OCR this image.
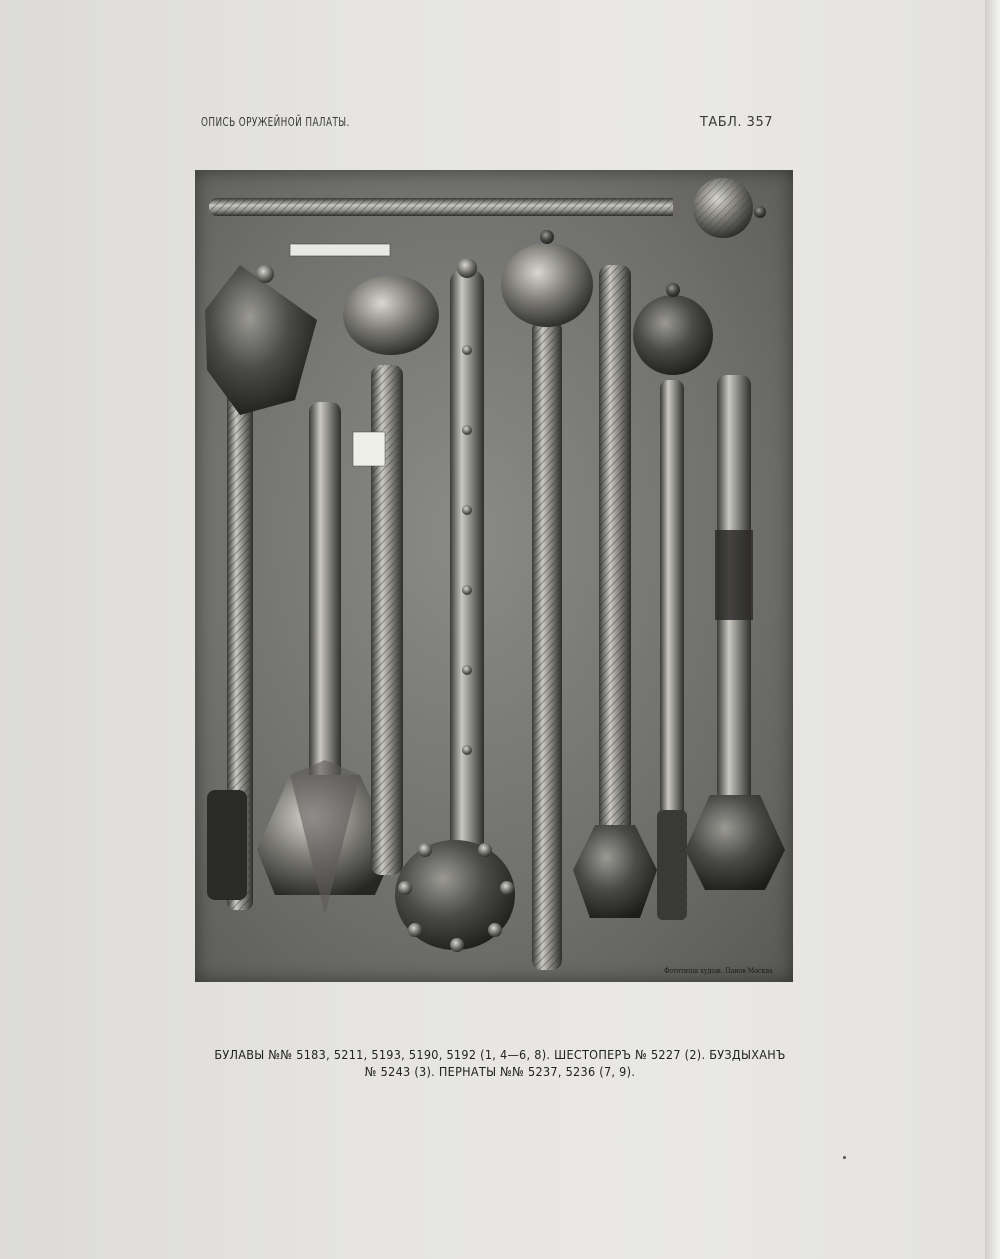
ОПИСЬ ОРУЖЕЙНОЙ ПАЛАТЫ.	ТАБЛ. 357
Фототипія худож. Панов Москва
БУЛАВЫ №№ 5183, 5211, 5193, 5190, 5192 (1, 4—6, 8). ШЕСТОПЕРЪ № 5227 (2). БУЗДЫХАНЪ
№ 5243 (3). ПЕРНАТЫ №№ 5237, 5236 (7, 9).
